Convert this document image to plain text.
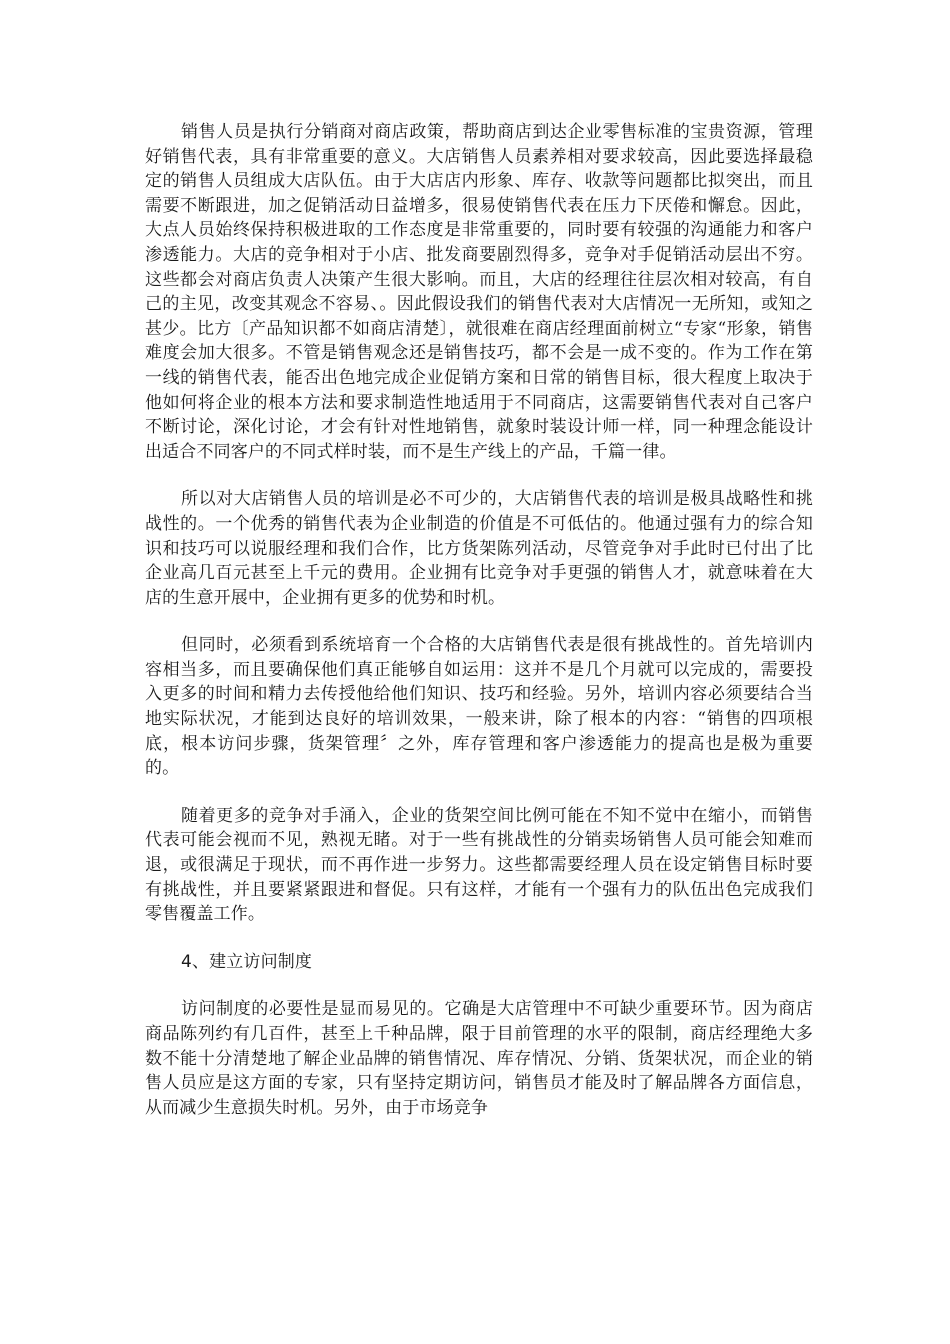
销售人员是执行分销商对商店政策，帮助商店到达企业零售标准的宝贵资源，管理好销售代表，具有非常重要的意义。大店销售人员素养相对要求较高，因此要选择最稳定的销售人员组成大店队伍。由于大店店内形象、库存、收款等问题都比拟突出，而且需要不断跟进，加之促销活动日益增多，很易使销售代表在压力下厌倦和懈怠。因此，大点人员始终保持积极进取的工作态度是非常重要的，同时要有较强的沟通能力和客户渗透能力。大店的竞争相对于小店、批发商要剧烈得多，竞争对手促销活动层出不穷。这些都会对商店负责人决策产生很大影响。而且，大店的经理往往层次相对较高，有自己的主见，改变其观念不容易、。因此假设我们的销售代表对大店情况一无所知，或知之甚少。比方〔产品知识都不如商店清楚〕，就很难在商店经理面前树立“专家“形象，销售难度会加大很多。不管是销售观念还是销售技巧，都不会是一成不变的。作为工作在第一线的销售代表，能否出色地完成企业促销方案和日常的销售目标，很大程度上取决于他如何将企业的根本方法和要求制造性地适用于不同商店，这需要销售代表对自己客户不断讨论，深化讨论，才会有针对性地销售，就象时装设计师一样，同一种理念能设计出适合不同客户的不同式样时装，而不是生产线上的产品，千篇一律。

所以对大店销售人员的培训是必不可少的，大店销售代表的培训是极具战略性和挑战性的。一个优秀的销售代表为企业制造的价值是不可低估的。他通过强有力的综合知识和技巧可以说服经理和我们合作，比方货架陈列活动，尽管竞争对手此时已付出了比企业高几百元甚至上千元的费用。企业拥有比竞争对手更强的销售人才，就意味着在大店的生意开展中，企业拥有更多的优势和时机。

但同时，必须看到系统培育一个合格的大店销售代表是很有挑战性的。首先培训内容相当多，而且要确保他们真正能够自如运用：这并不是几个月就可以完成的，需要投入更多的时间和精力去传授他给他们知识、技巧和经验。另外，培训内容必须要结合当地实际状况，才能到达良好的培训效果，一般来讲，除了根本的内容：“销售的四项根底，根本访问步骤，货架管理〞之外，库存管理和客户渗透能力的提高也是极为重要的。

随着更多的竞争对手涌入，企业的货架空间比例可能在不知不觉中在缩小，而销售代表可能会视而不见，熟视无睹。对于一些有挑战性的分销卖场销售人员可能会知难而退，或很满足于现状，而不再作进一步努力。这些都需要经理人员在设定销售目标时要有挑战性，并且要紧紧跟进和督促。只有这样，才能有一个强有力的队伍出色完成我们零售覆盖工作。

4、建立访问制度

访问制度的必要性是显而易见的。它确是大店管理中不可缺少重要环节。因为商店商品陈列约有几百件，甚至上千种品牌，限于目前管理的水平的限制，商店经理绝大多数不能十分清楚地了解企业品牌的销售情况、库存情况、分销、货架状况，而企业的销售人员应是这方面的专家，只有坚持定期访问，销售员才能及时了解品牌各方面信息，从而减少生意损失时机。另外，由于市场竞争
